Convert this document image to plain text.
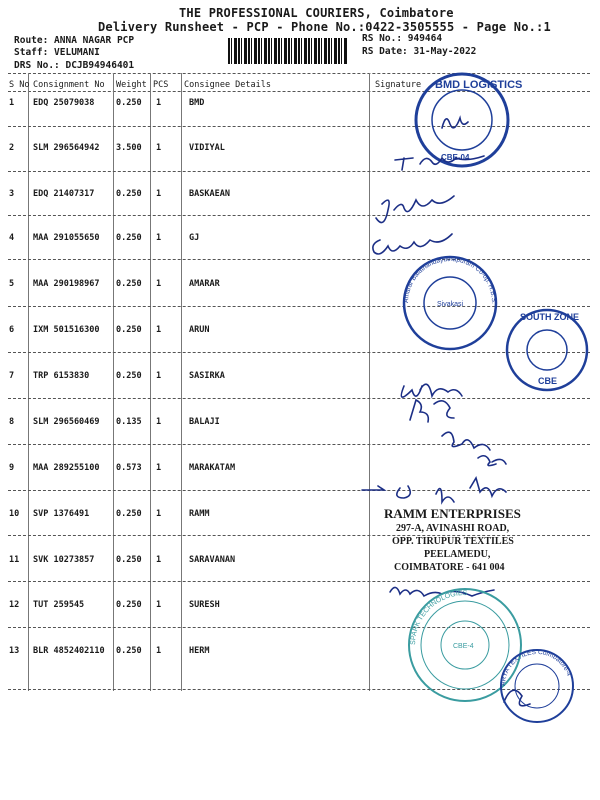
THE PROFESSIONAL COURIERS, Coimbatore
Delivery Runsheet - PCP - Phone No.:0422-3505555 - Page No.:1
Route: ANNA NAGAR PCP
Staff: VELUMANI
DRS No.: DCJB94946401
RS No.: 949464
RS Date: 31-May-2022
S No Consignment No Weight PCS Consignee Details	Signature
1 EDQ 25079038	0.250 1	BMD
2 SLM 296564942 3.500 1	VIDIYAL
3 EDQ 21407317	0.250 1	BASKAEAN
4 MAA 291055650 0.250 1	GJ
5 MAA 290198967 0.250 1	AMARAR
6 IXM 501516300 0.250 1	ARUN
7 TRP 6153830	0.250 1	SASIRKA
8 SLM 296560469 0.135 1	BALAJI
9 MAA 289255100 0.573 1	MARAKATAM
10 SVP 1376491	0.250 1	RAMM
11 SVK 10273857	0.250 1	SARAVANAN
12 TUT 259545	0.250 1	SURESH
13 BLR 4852402110 0.250 1	HERM
BMD LOGISTICS
CBE-04
Amarar Balathandayuthapuram Co-op. H.B.S.
Sivakasi
SOUTH ZONE
CBE
SPARK TECHNOLOGIES
CBE-4
ARYA TEXTILES Coimbatore-4
RAMM ENTERPRISES
297-A, AVINASHI ROAD,
OPP. TIRUPUR TEXTILES
PEELAMEDU,
COIMBATORE - 641 004
